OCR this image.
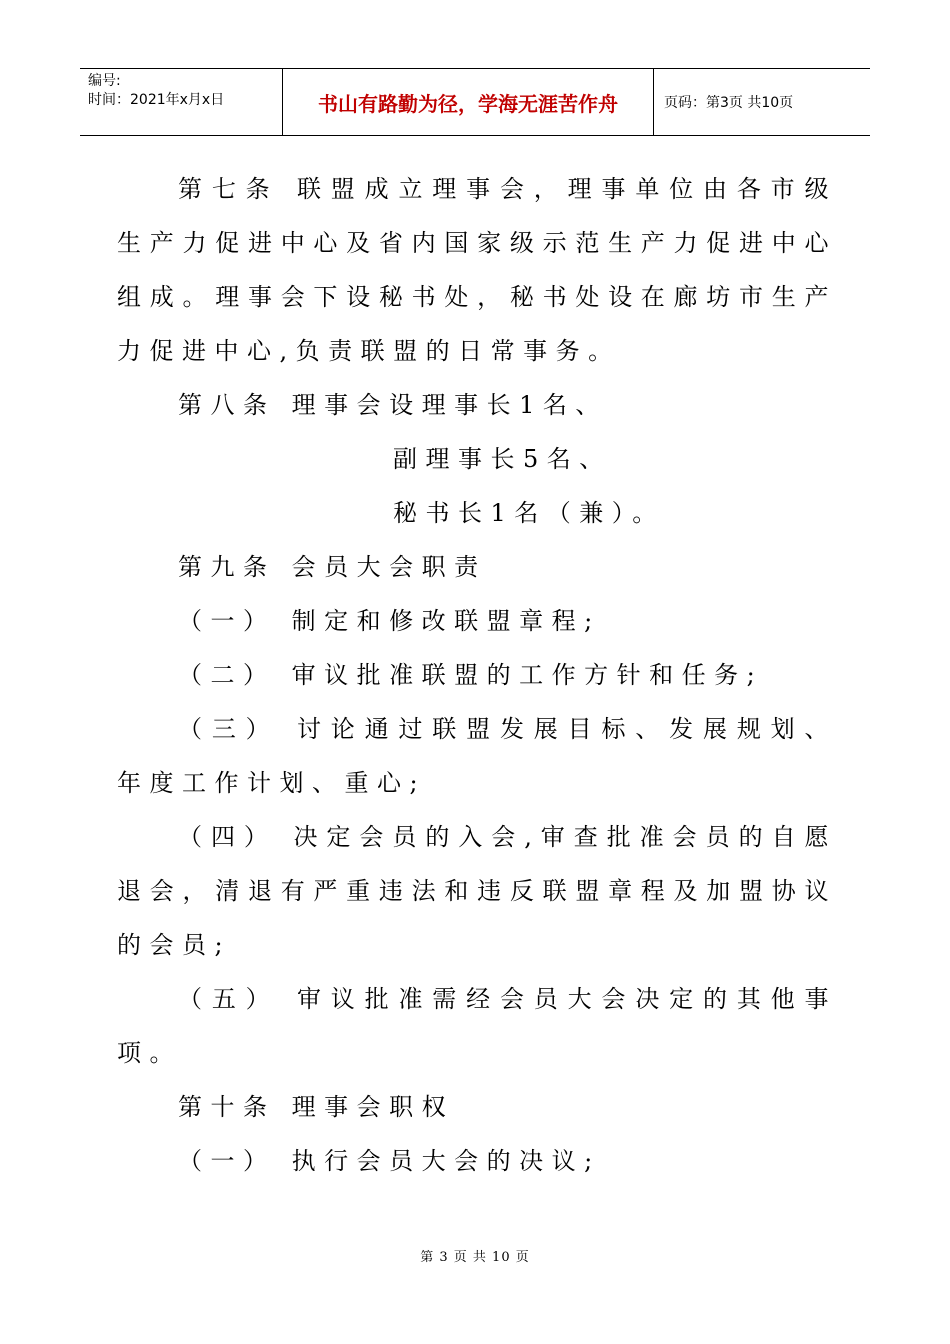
编号:
时间：2021年x月x日	书山有路勤为径，学海无涯苦作舟	页码：第3页 共10页

第七条 联盟成立理事会，理事单位由各市级生产力促进中心及省内国家级示范生产力促进中心组成。理事会下设秘书处，秘书处设在廊坊市生产力促进中心,负责联盟的日常事务。

第八条 理事会设理事长1名、

副理事长5名、

秘书长1名（兼）。

第九条 会员大会职责

（一） 制定和修改联盟章程;

（二） 审议批准联盟的工作方针和任务;

（三） 讨论通过联盟发展目标、发展规划、年度工作计划、重心;

（四） 决定会员的入会,审查批准会员的自愿退会，清退有严重违法和违反联盟章程及加盟协议的会员;

（五） 审议批准需经会员大会决定的其他事项。

第十条 理事会职权

（一） 执行会员大会的决议;

第 3 页 共 10 页
